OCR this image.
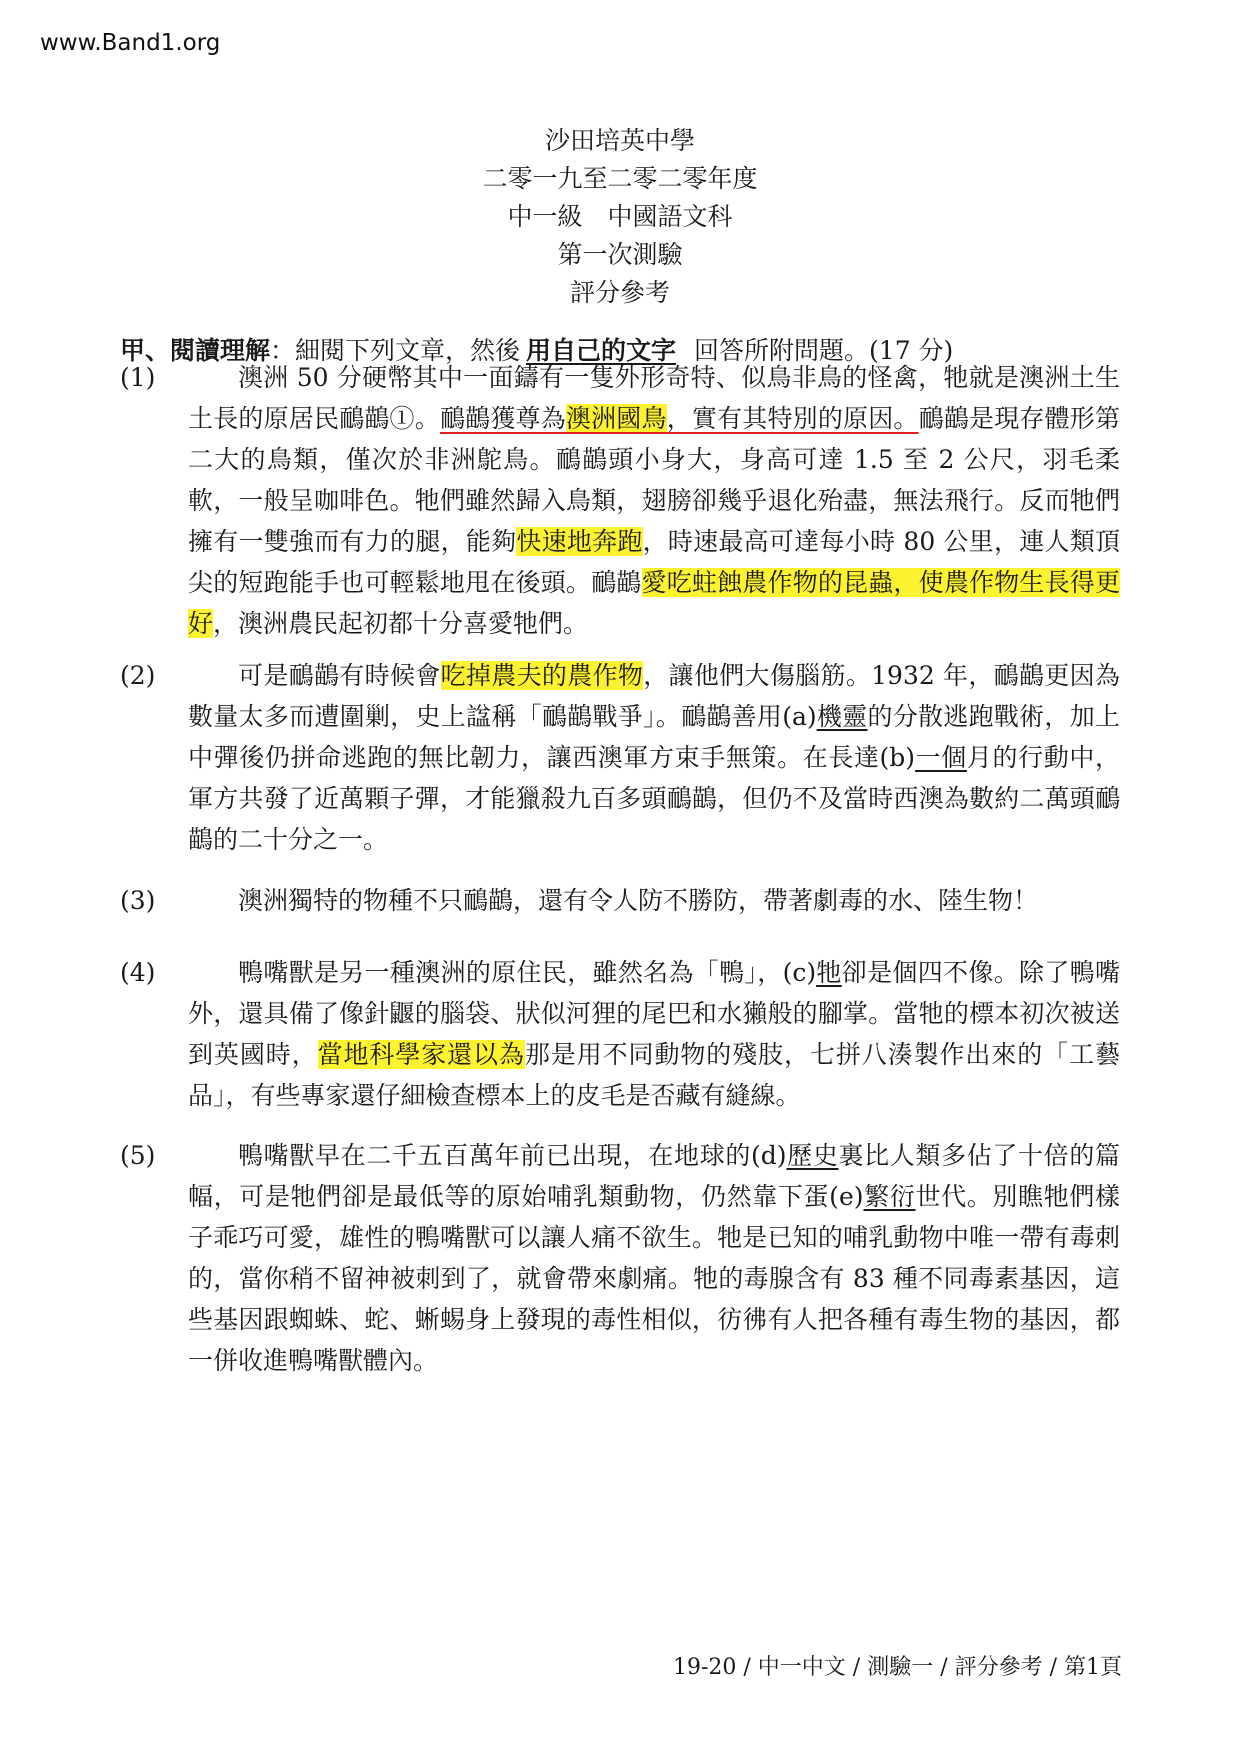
www.Band1.org
沙田培英中學
二零一九至二零二零年度
中一級　中國語文科
第一次測驗
評分參考
甲、閱讀理解：細閱下列文章，然後 用自己的文字 回答所附問題。(17 分)
(1)	澳洲 50 分硬幣其中一面鑄有一隻外形奇特、似鳥非鳥的怪禽，牠就是澳洲土生土長的原居民鴯鶓①。鴯鶓獲尊為澳洲國鳥，實有其特別的原因。鴯鶓是現存體形第二大的鳥類，僅次於非洲鴕鳥。鴯鶓頭小身大，身高可達 1.5 至 2 公尺，羽毛柔軟，一般呈咖啡色。牠們雖然歸入鳥類，翅膀卻幾乎退化殆盡，無法飛行。反而牠們擁有一雙強而有力的腿，能夠快速地奔跑，時速最高可達每小時 80 公里，連人類頂尖的短跑能手也可輕鬆地甩在後頭。鴯鶓愛吃蛀蝕農作物的昆蟲，使農作物生長得更好，澳洲農民起初都十分喜愛牠們。
(2)	可是鴯鶓有時候會吃掉農夫的農作物，讓他們大傷腦筋。1932 年，鴯鶓更因為數量太多而遭圍剿，史上諡稱「鴯鶓戰爭」。鴯鶓善用(a)機靈的分散逃跑戰術，加上中彈後仍拼命逃跑的無比韌力，讓西澳軍方束手無策。在長達(b)一個月的行動中，軍方共發了近萬顆子彈，才能獵殺九百多頭鴯鶓，但仍不及當時西澳為數約二萬頭鴯鶓的二十分之一。
(3)	澳洲獨特的物種不只鴯鶓，還有令人防不勝防，帶著劇毒的水、陸生物！
(4)	鴨嘴獸是另一種澳洲的原住民，雖然名為「鴨」，(c)牠卻是個四不像。除了鴨嘴外，還具備了像針鼴的腦袋、狀似河狸的尾巴和水獺般的腳掌。當牠的標本初次被送到英國時，當地科學家還以為那是用不同動物的殘肢，七拼八湊製作出來的「工藝品」，有些專家還仔細檢查標本上的皮毛是否藏有縫線。
(5)	鴨嘴獸早在二千五百萬年前已出現，在地球的(d)歷史裏比人類多佔了十倍的篇幅，可是牠們卻是最低等的原始哺乳類動物，仍然靠下蛋(e)繁衍世代。別瞧牠們樣子乖巧可愛，雄性的鴨嘴獸可以讓人痛不欲生。牠是已知的哺乳動物中唯一帶有毒刺的，當你稍不留神被刺到了，就會帶來劇痛。牠的毒腺含有 83 種不同毒素基因，這些基因跟蜘蛛、蛇、蜥蜴身上發現的毒性相似，彷彿有人把各種有毒生物的基因，都一併收進鴨嘴獸體內。
19-20 / 中一中文 / 測驗一 / 評分參考 / 第1頁
